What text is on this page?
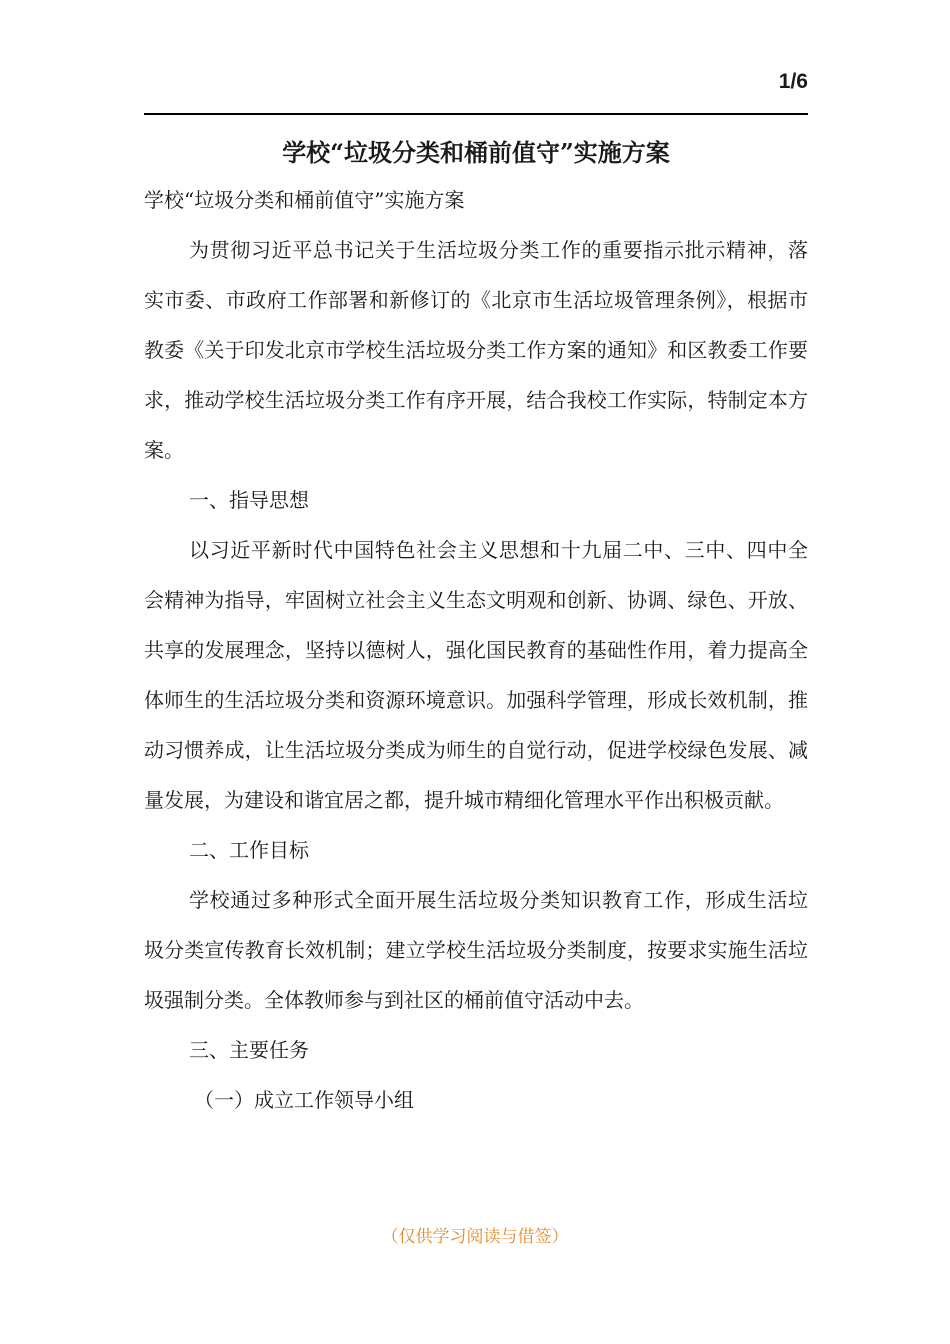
1/6
学校“垃圾分类和桶前值守”实施方案

学校“垃圾分类和桶前值守”实施方案

为贯彻习近平总书记关于生活垃圾分类工作的重要指示批示精神，落实市委、市政府工作部署和新修订的《北京市生活垃圾管理条例》，根据市教委《关于印发北京市学校生活垃圾分类工作方案的通知》和区教委工作要求，推动学校生活垃圾分类工作有序开展，结合我校工作实际，特制定本方案。

一、指导思想

以习近平新时代中国特色社会主义思想和十九届二中、三中、四中全会精神为指导，牢固树立社会主义生态文明观和创新、协调、绿色、开放、共享的发展理念，坚持以德树人，强化国民教育的基础性作用，着力提高全体师生的生活垃圾分类和资源环境意识。加强科学管理，形成长效机制，推动习惯养成，让生活垃圾分类成为师生的自觉行动，促进学校绿色发展、减量发展，为建设和谐宜居之都，提升城市精细化管理水平作出积极贡献。

二、工作目标

学校通过多种形式全面开展生活垃圾分类知识教育工作，形成生活垃圾分类宣传教育长效机制；建立学校生活垃圾分类制度，按要求实施生活垃圾强制分类。全体教师参与到社区的桶前值守活动中去。

三、主要任务

（一）成立工作领导小组

（仅供学习阅读与借签）
